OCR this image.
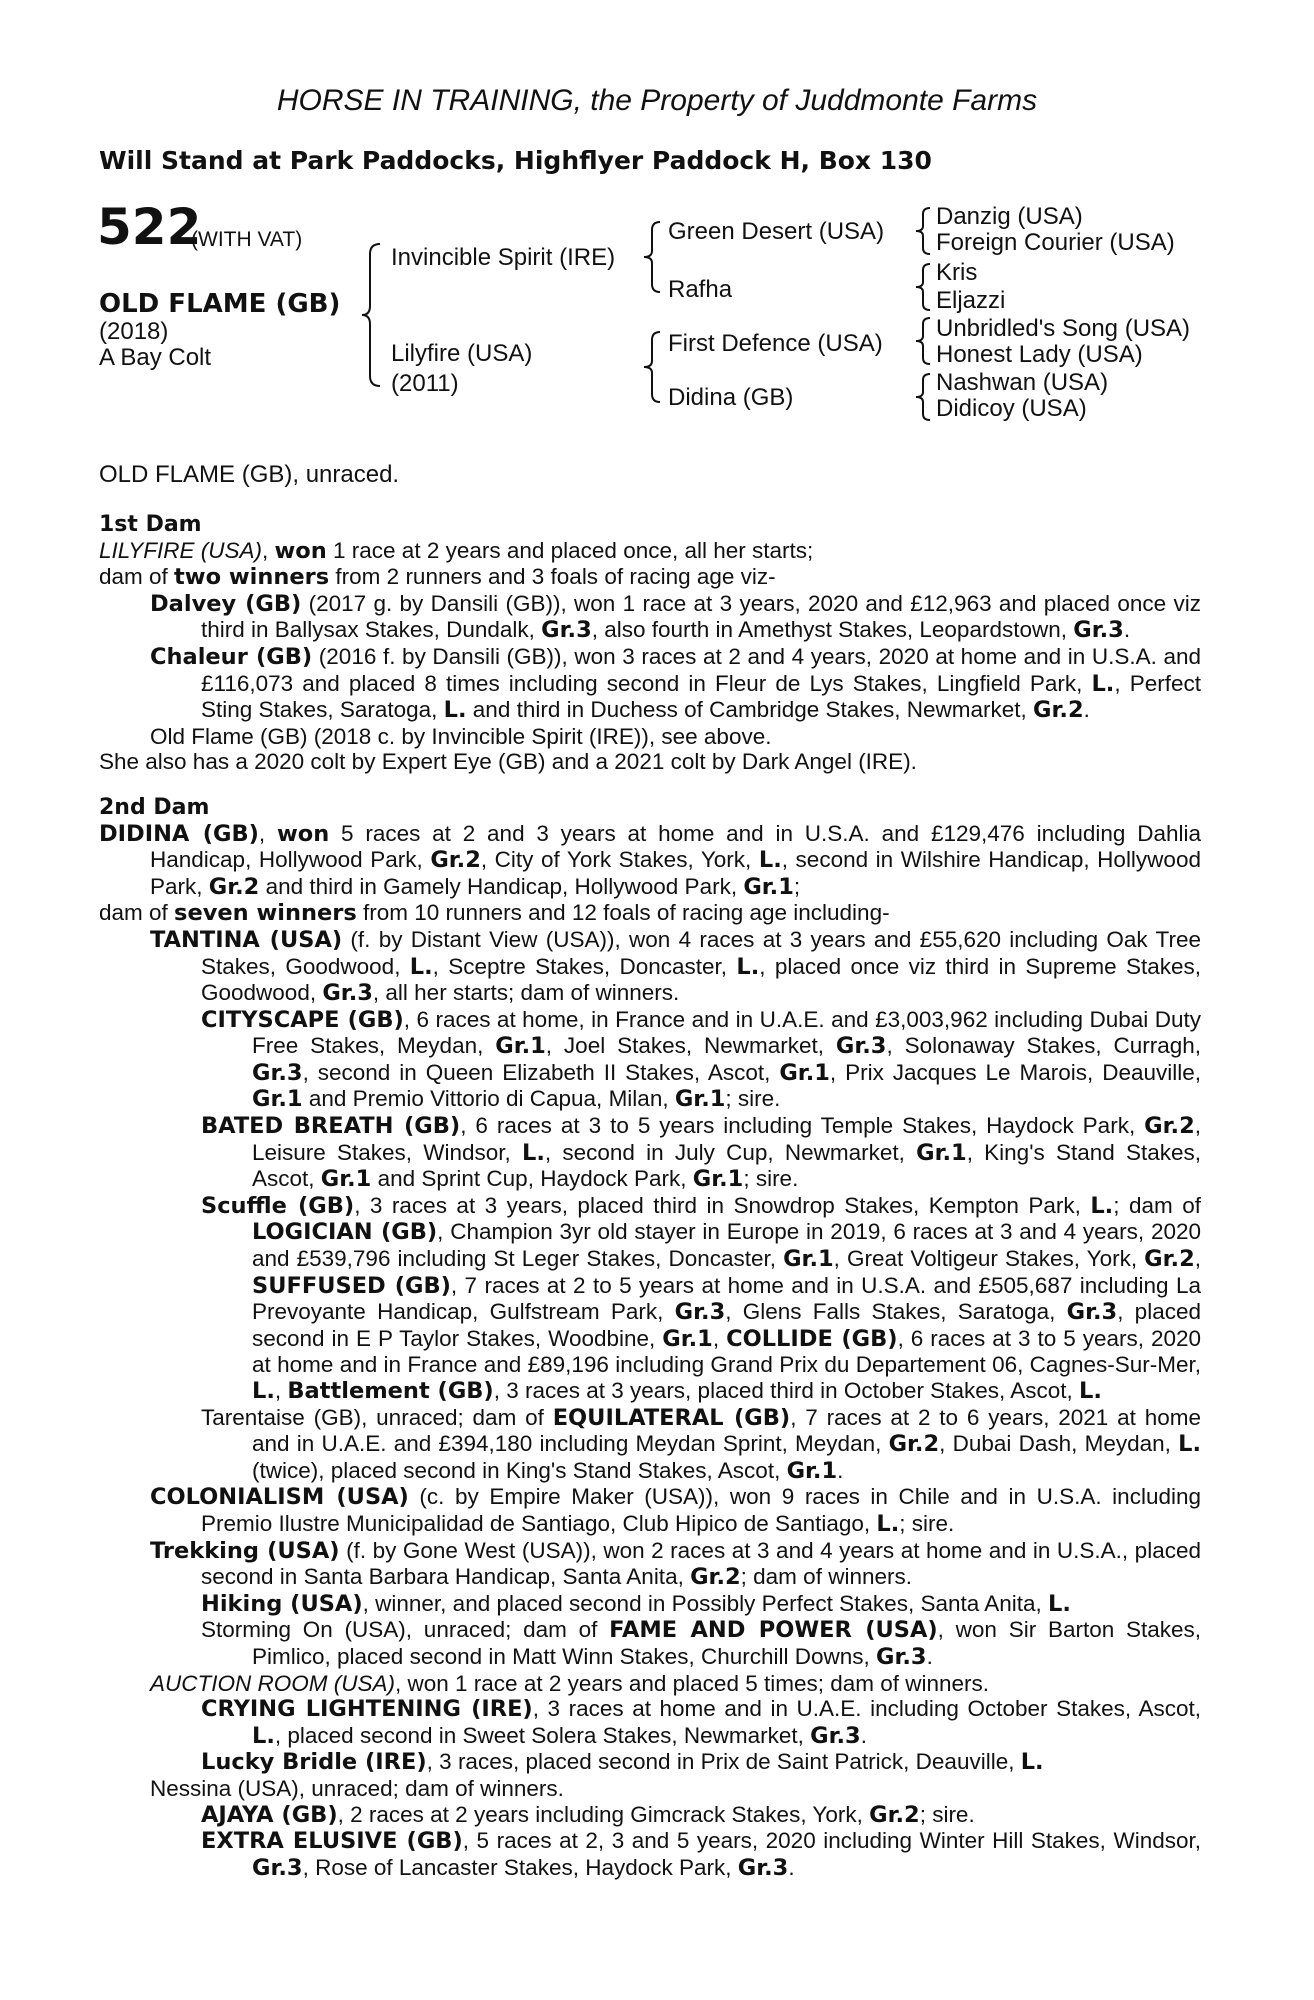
HORSE IN TRAINING, the Property of Juddmonte Farms
Will Stand at Park Paddocks, Highflyer Paddock H, Box 130
522
(WITH VAT)
OLD FLAME (GB)
(2018)
A Bay Colt
Invincible Spirit (IRE)
Lilyfire (USA)
(2011)
Green Desert (USA)
Rafha
First Defence (USA)
Didina (GB)
Danzig (USA)
Foreign Courier (USA)
Kris
Eljazzi
Unbridled's Song (USA)
Honest Lady (USA)
Nashwan (USA)
Didicoy (USA)
OLD FLAME (GB), unraced.
1st Dam

LILYFIRE (USA), won 1 race at 2 years and placed once, all her starts;

dam of two winners from 2 runners and 3 foals of racing age viz-

Dalvey (GB) (2017 g. by Dansili (GB)), won 1 race at 3 years, 2020 and £12,963 and placed once viz third in Ballysax Stakes, Dundalk, Gr.3, also fourth in Amethyst Stakes, Leopardstown, Gr.3.

Chaleur (GB) (2016 f. by Dansili (GB)), won 3 races at 2 and 4 years, 2020 at home and in U.S.A. and £116,073 and placed 8 times including second in Fleur de Lys Stakes, Lingfield Park, L., Perfect Sting Stakes, Saratoga, L. and third in Duchess of Cambridge Stakes, Newmarket, Gr.2.

Old Flame (GB) (2018 c. by Invincible Spirit (IRE)), see above.

She also has a 2020 colt by Expert Eye (GB) and a 2021 colt by Dark Angel (IRE).

2nd Dam

DIDINA (GB), won 5 races at 2 and 3 years at home and in U.S.A. and £129,476 including Dahlia Handicap, Hollywood Park, Gr.2, City of York Stakes, York, L., second in Wilshire Handicap, Hollywood Park, Gr.2 and third in Gamely Handicap, Hollywood Park, Gr.1;

dam of seven winners from 10 runners and 12 foals of racing age including-

TANTINA (USA) (f. by Distant View (USA)), won 4 races at 3 years and £55,620 including Oak Tree Stakes, Goodwood, L., Sceptre Stakes, Doncaster, L., placed once viz third in Supreme Stakes, Goodwood, Gr.3, all her starts; dam of winners.

CITYSCAPE (GB), 6 races at home, in France and in U.A.E. and £3,003,962 including Dubai Duty Free Stakes, Meydan, Gr.1, Joel Stakes, Newmarket, Gr.3, Solonaway Stakes, Curragh, Gr.3, second in Queen Elizabeth II Stakes, Ascot, Gr.1, Prix Jacques Le Marois, Deauville, Gr.1 and Premio Vittorio di Capua, Milan, Gr.1; sire.

BATED BREATH (GB), 6 races at 3 to 5 years including Temple Stakes, Haydock Park, Gr.2, Leisure Stakes, Windsor, L., second in July Cup, Newmarket, Gr.1, King's Stand Stakes, Ascot, Gr.1 and Sprint Cup, Haydock Park, Gr.1; sire.

Scuffle (GB), 3 races at 3 years, placed third in Snowdrop Stakes, Kempton Park, L.; dam of LOGICIAN (GB), Champion 3yr old stayer in Europe in 2019, 6 races at 3 and 4 years, 2020 and £539,796 including St Leger Stakes, Doncaster, Gr.1, Great Voltigeur Stakes, York, Gr.2, SUFFUSED (GB), 7 races at 2 to 5 years at home and in U.S.A. and £505,687 including La Prevoyante Handicap, Gulfstream Park, Gr.3, Glens Falls Stakes, Saratoga, Gr.3, placed second in E P Taylor Stakes, Woodbine, Gr.1, COLLIDE (GB), 6 races at 3 to 5 years, 2020 at home and in France and £89,196 including Grand Prix du Departement 06, Cagnes-Sur-Mer, L., Battlement (GB), 3 races at 3 years, placed third in October Stakes, Ascot, L.

Tarentaise (GB), unraced; dam of EQUILATERAL (GB), 7 races at 2 to 6 years, 2021 at home and in U.A.E. and £394,180 including Meydan Sprint, Meydan, Gr.2, Dubai Dash, Meydan, L. (twice), placed second in King's Stand Stakes, Ascot, Gr.1.

COLONIALISM (USA) (c. by Empire Maker (USA)), won 9 races in Chile and in U.S.A. including Premio Ilustre Municipalidad de Santiago, Club Hipico de Santiago, L.; sire.

Trekking (USA) (f. by Gone West (USA)), won 2 races at 3 and 4 years at home and in U.S.A., placed second in Santa Barbara Handicap, Santa Anita, Gr.2; dam of winners.

Hiking (USA), winner, and placed second in Possibly Perfect Stakes, Santa Anita, L.

Storming On (USA), unraced; dam of FAME AND POWER (USA), won Sir Barton Stakes, Pimlico, placed second in Matt Winn Stakes, Churchill Downs, Gr.3.

AUCTION ROOM (USA), won 1 race at 2 years and placed 5 times; dam of winners.

CRYING LIGHTENING (IRE), 3 races at home and in U.A.E. including October Stakes, Ascot, L., placed second in Sweet Solera Stakes, Newmarket, Gr.3.

Lucky Bridle (IRE), 3 races, placed second in Prix de Saint Patrick, Deauville, L.

Nessina (USA), unraced; dam of winners.

AJAYA (GB), 2 races at 2 years including Gimcrack Stakes, York, Gr.2; sire.

EXTRA ELUSIVE (GB), 5 races at 2, 3 and 5 years, 2020 including Winter Hill Stakes, Windsor, Gr.3, Rose of Lancaster Stakes, Haydock Park, Gr.3.
